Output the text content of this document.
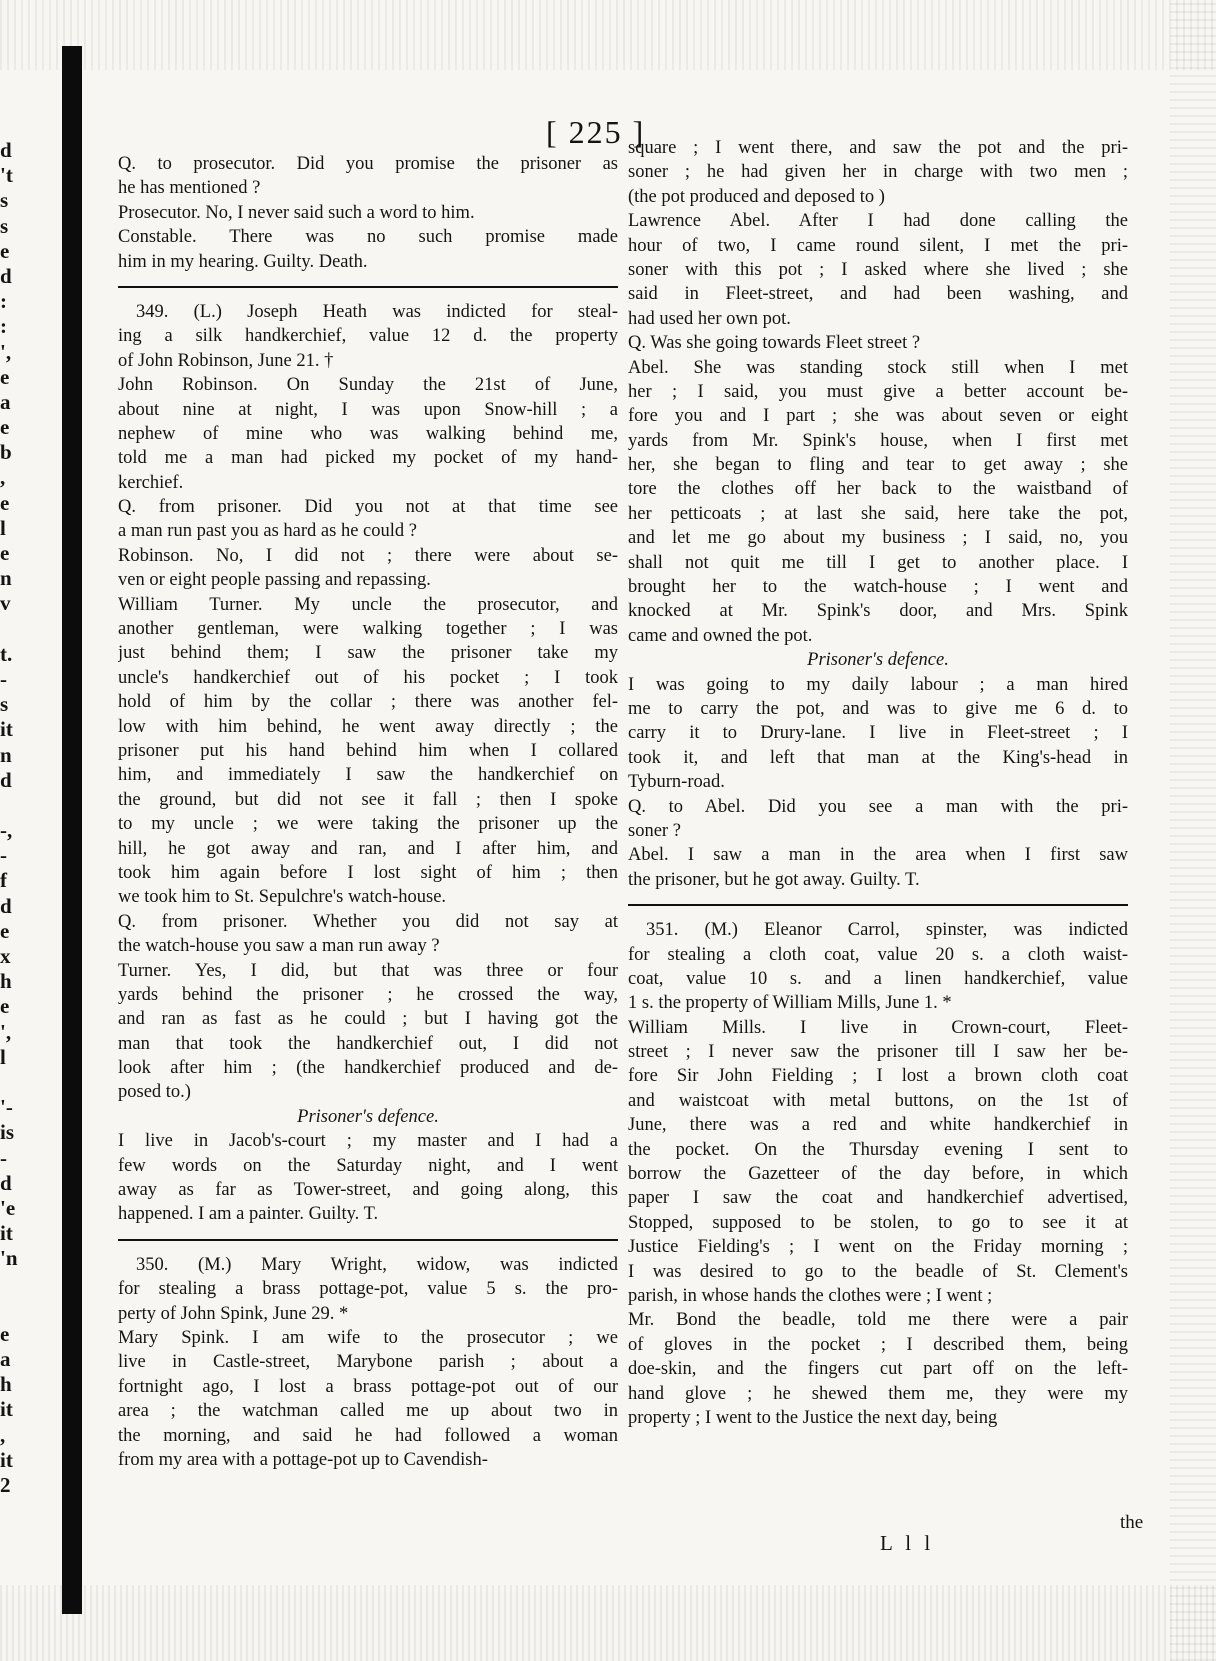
d
't
s
s
e
d
:
:
',
e
a
e
b
,
e
l
e
n
v
t.
-
s
it
n
d
-,
-
f
d
e
x
h
e
',
l
'-
is
-
d
'e
it
'n
e
a
h
it
,
it
2
[ 225 ]
Q. to prosecutor. Did you promise the prisoner as
he has mentioned ?
Prosecutor. No, I never said such a word to him.
Constable. There was no such promise made
him in my hearing. Guilty. Death.
349. (L.) Joseph Heath was indicted for steal-
ing a silk handkerchief, value 12 d. the property
of John Robinson, June 21. †
John Robinson. On Sunday the 21st of June,
about nine at night, I was upon Snow-hill ; a
nephew of mine who was walking behind me,
told me a man had picked my pocket of my hand-
kerchief.
Q. from prisoner. Did you not at that time see
a man run past you as hard as he could ?
Robinson. No, I did not ; there were about se-
ven or eight people passing and repassing.
William Turner. My uncle the prosecutor, and
another gentleman, were walking together ; I was
just behind them; I saw the prisoner take my
uncle's handkerchief out of his pocket ; I took
hold of him by the collar ; there was another fel-
low with him behind, he went away directly ; the
prisoner put his hand behind him when I collared
him, and immediately I saw the handkerchief on
the ground, but did not see it fall ; then I spoke
to my uncle ; we were taking the prisoner up the
hill, he got away and ran, and I after him, and
took him again before I lost sight of him ; then
we took him to St. Sepulchre's watch-house.
Q. from prisoner. Whether you did not say at
the watch-house you saw a man run away ?
Turner. Yes, I did, but that was three or four
yards behind the prisoner ; he crossed the way,
and ran as fast as he could ; but I having got the
man that took the handkerchief out, I did not
look after him ; (the handkerchief produced and de-
posed to.)
Prisoner's defence.
I live in Jacob's-court ; my master and I had a
few words on the Saturday night, and I went
away as far as Tower-street, and going along, this
happened. I am a painter. Guilty. T.
350. (M.) Mary Wright, widow, was indicted
for stealing a brass pottage-pot, value 5 s. the pro-
perty of John Spink, June 29. *
Mary Spink. I am wife to the prosecutor ; we
live in Castle-street, Marybone parish ; about a
fortnight ago, I lost a brass pottage-pot out of our
area ; the watchman called me up about two in
the morning, and said he had followed a woman
from my area with a pottage-pot up to Cavendish-
square ; I went there, and saw the pot and the pri-
soner ; he had given her in charge with two men ;
(the pot produced and deposed to )
Lawrence Abel. After I had done calling the
hour of two, I came round silent, I met the pri-
soner with this pot ; I asked where she lived ; she
said in Fleet-street, and had been washing, and
had used her own pot.
Q. Was she going towards Fleet street ?
Abel. She was standing stock still when I met
her ; I said, you must give a better account be-
fore you and I part ; she was about seven or eight
yards from Mr. Spink's house, when I first met
her, she began to fling and tear to get away ; she
tore the clothes off her back to the waistband of
her petticoats ; at last she said, here take the pot,
and let me go about my business ; I said, no, you
shall not quit me till I get to another place. I
brought her to the watch-house ; I went and
knocked at Mr. Spink's door, and Mrs. Spink
came and owned the pot.
Prisoner's defence.
I was going to my daily labour ; a man hired
me to carry the pot, and was to give me 6 d. to
carry it to Drury-lane. I live in Fleet-street ; I
took it, and left that man at the King's-head in
Tyburn-road.
Q. to Abel. Did you see a man with the pri-
soner ?
Abel. I saw a man in the area when I first saw
the prisoner, but he got away. Guilty. T.
351. (M.) Eleanor Carrol, spinster, was indicted
for stealing a cloth coat, value 20 s. a cloth waist-
coat, value 10 s. and a linen handkerchief, value
1 s. the property of William Mills, June 1. *
William Mills. I live in Crown-court, Fleet-
street ; I never saw the prisoner till I saw her be-
fore Sir John Fielding ; I lost a brown cloth coat
and waistcoat with metal buttons, on the 1st of
June, there was a red and white handkerchief in
the pocket. On the Thursday evening I sent to
borrow the Gazetteer of the day before, in which
paper I saw the coat and handkerchief advertised,
Stopped, supposed to be stolen, to go to see it at
Justice Fielding's ; I went on the Friday morning ;
I was desired to go to the beadle of St. Clement's
parish, in whose hands the clothes were ; I went ;
Mr. Bond the beadle, told me there were a pair
of gloves in the pocket ; I described them, being
doe-skin, and the fingers cut part off on the left-
hand glove ; he shewed them me, they were my
property ; I went to the Justice the next day, being
L l l
the
